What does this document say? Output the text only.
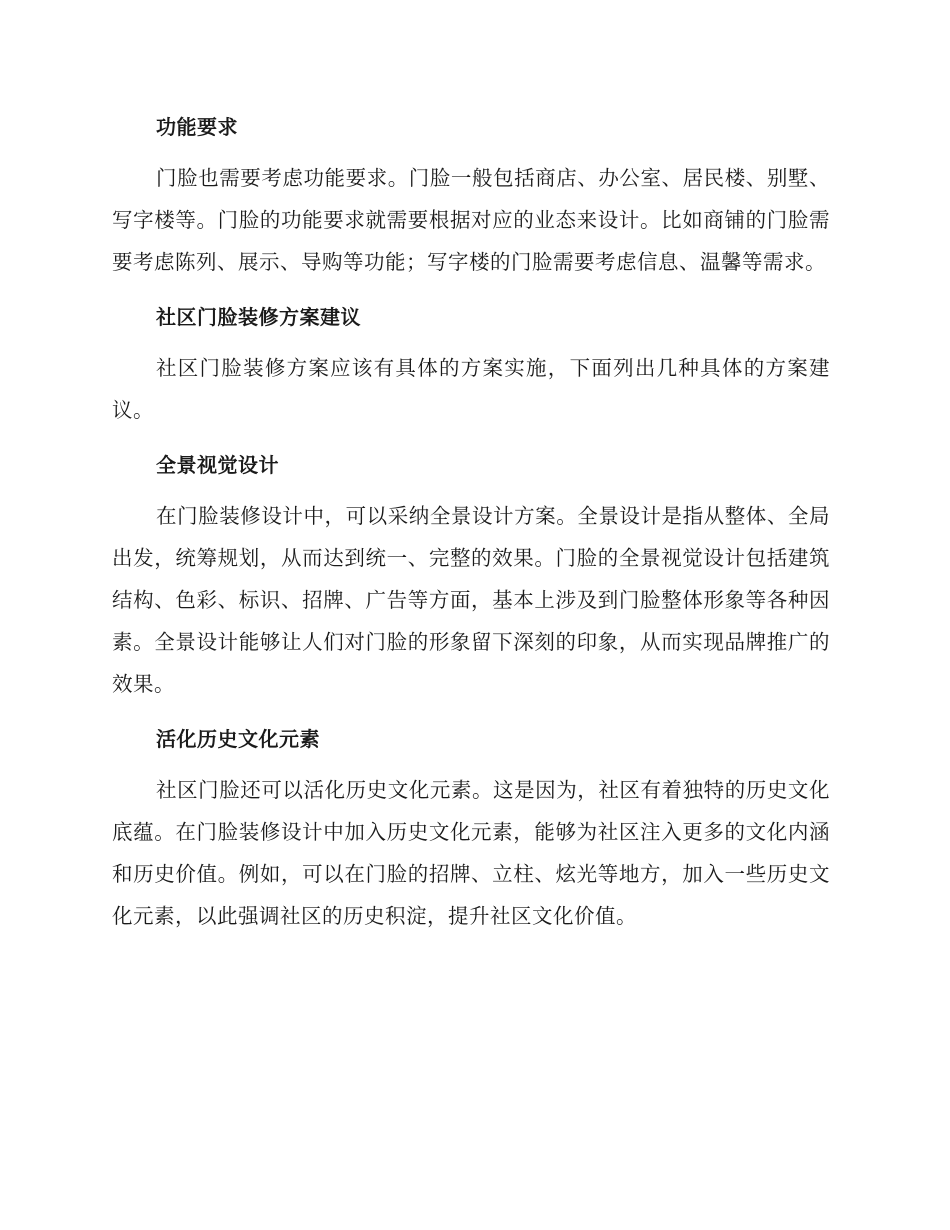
功能要求

门脸也需要考虑功能要求。门脸一般包括商店、办公室、居民楼、别墅、写字楼等。门脸的功能要求就需要根据对应的业态来设计。比如商铺的门脸需要考虑陈列、展示、导购等功能；写字楼的门脸需要考虑信息、温馨等需求。

社区门脸装修方案建议

社区门脸装修方案应该有具体的方案实施，下面列出几种具体的方案建议。

全景视觉设计

在门脸装修设计中，可以采纳全景设计方案。全景设计是指从整体、全局出发，统筹规划，从而达到统一、完整的效果。门脸的全景视觉设计包括建筑结构、色彩、标识、招牌、广告等方面，基本上涉及到门脸整体形象等各种因素。全景设计能够让人们对门脸的形象留下深刻的印象，从而实现品牌推广的效果。

活化历史文化元素

社区门脸还可以活化历史文化元素。这是因为，社区有着独特的历史文化底蕴。在门脸装修设计中加入历史文化元素，能够为社区注入更多的文化内涵和历史价值。例如，可以在门脸的招牌、立柱、炫光等地方，加入一些历史文化元素，以此强调社区的历史积淀，提升社区文化价值。
